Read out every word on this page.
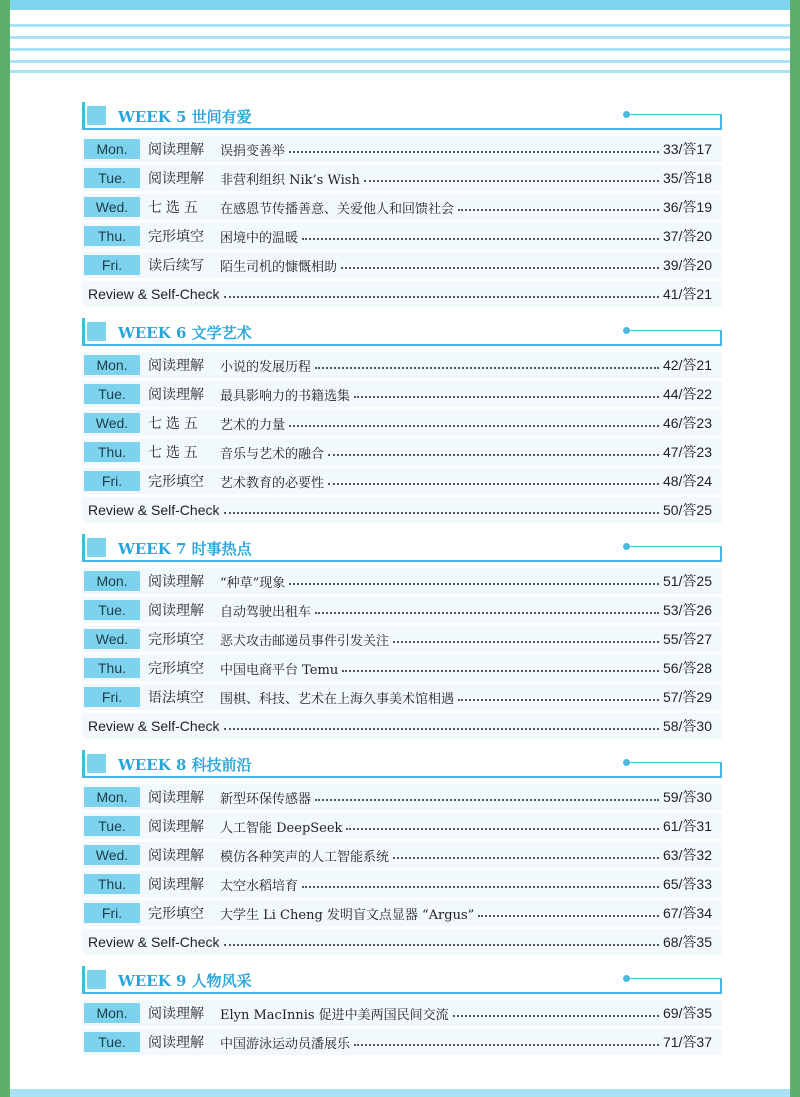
WEEK 5 世间有爱
Mon.	阅读理解	误捐变善举	33/答17
Tue.	阅读理解	非营利组织 Nik’s Wish	35/答18
Wed.	七 选 五	在感恩节传播善意、关爱他人和回馈社会	36/答19
Thu.	完形填空	困境中的温暖	37/答20
Fri.	读后续写	陌生司机的慷慨相助	39/答20
Review & Self-Check	41/答21
WEEK 6 文学艺术
Mon.	阅读理解	小说的发展历程	42/答21
Tue.	阅读理解	最具影响力的书籍选集	44/答22
Wed.	七 选 五	艺术的力量	46/答23
Thu.	七 选 五	音乐与艺术的融合	47/答23
Fri.	完形填空	艺术教育的必要性	48/答24
Review & Self-Check	50/答25
WEEK 7 时事热点
Mon.	阅读理解	“种草”现象	51/答25
Tue.	阅读理解	自动驾驶出租车	53/答26
Wed.	完形填空	恶犬攻击邮递员事件引发关注	55/答27
Thu.	完形填空	中国电商平台 Temu	56/答28
Fri.	语法填空	围棋、科技、艺术在上海久事美术馆相遇	57/答29
Review & Self-Check	58/答30
WEEK 8 科技前沿
Mon.	阅读理解	新型环保传感器	59/答30
Tue.	阅读理解	人工智能 DeepSeek	61/答31
Wed.	阅读理解	模仿各种笑声的人工智能系统	63/答32
Thu.	阅读理解	太空水稻培育	65/答33
Fri.	完形填空	大学生 Li Cheng 发明盲文点显器 “Argus”	67/答34
Review & Self-Check	68/答35
WEEK 9 人物风采
Mon.	阅读理解	Elyn MacInnis 促进中美两国民间交流	69/答35
Tue.	阅读理解	中国游泳运动员潘展乐	71/答37
